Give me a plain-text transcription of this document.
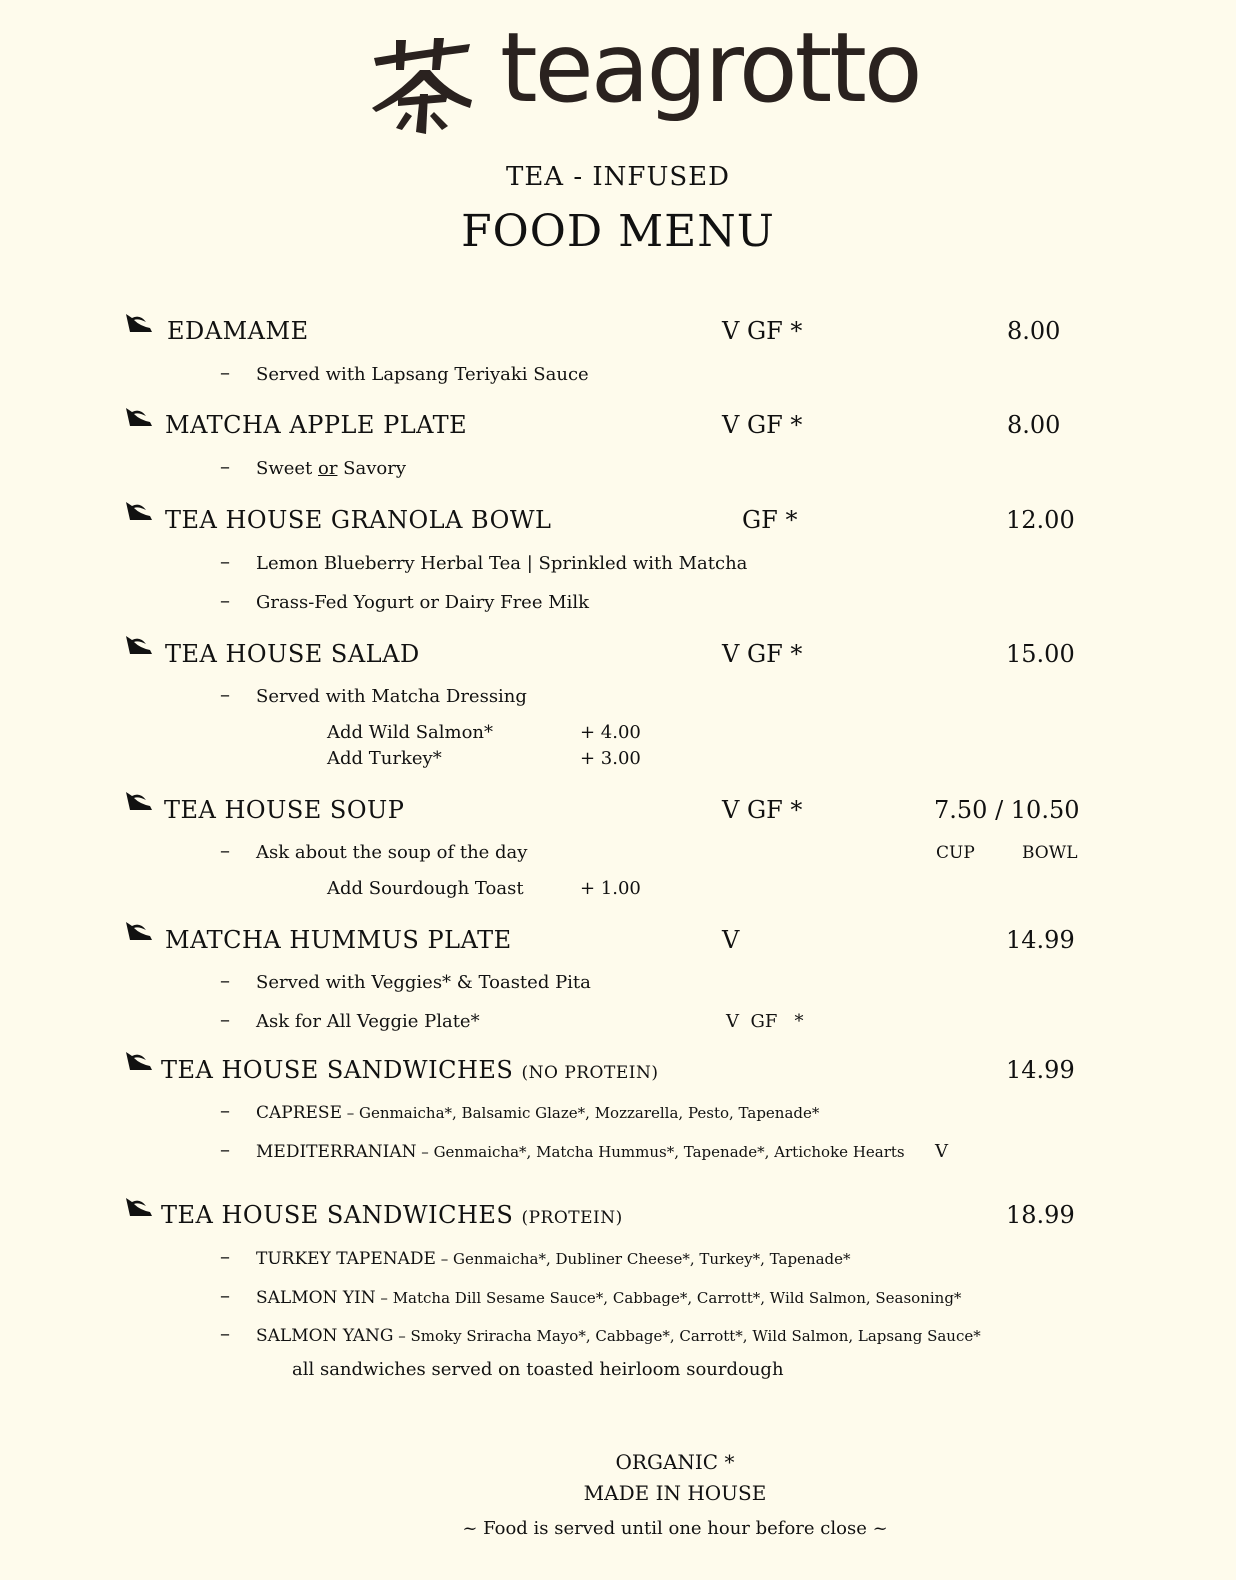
teagrotto
TEA - INFUSED
FOOD MENU
EDAMAME	V GF *	8.00
– Served with Lapsang Teriyaki Sauce
MATCHA APPLE PLATE	V GF *	8.00
– Sweet or Savory
TEA HOUSE GRANOLA BOWL	GF *	12.00
– Lemon Blueberry Herbal Tea | Sprinkled with Matcha
– Grass-Fed Yogurt or Dairy Free Milk
TEA HOUSE SALAD	V GF *	15.00
– Served with Matcha Dressing
Add Wild Salmon*	+ 4.00
Add Turkey*	+ 3.00
TEA HOUSE SOUP	V GF *	7.50 / 10.50
CUP	BOWL
– Ask about the soup of the day
Add Sourdough Toast	+ 1.00
MATCHA HUMMUS PLATE	V	14.99
– Served with Veggies* & Toasted Pita
– Ask for All Veggie Plate*	V  GF   *
TEA HOUSE SANDWICHES (NO PROTEIN)	14.99
– CAPRESE – Genmaicha*, Balsamic Glaze*, Mozzarella, Pesto, Tapenade*
– MEDITERRANIAN – Genmaicha*, Matcha Hummus*, Tapenade*, Artichoke Hearts V
TEA HOUSE SANDWICHES (PROTEIN)	18.99
– TURKEY TAPENADE – Genmaicha*, Dubliner Cheese*, Turkey*, Tapenade*
– SALMON YIN – Matcha Dill Sesame Sauce*, Cabbage*, Carrott*, Wild Salmon, Seasoning*
– SALMON YANG – Smoky Sriracha Mayo*, Cabbage*, Carrott*, Wild Salmon, Lapsang Sauce*
all sandwiches served on toasted heirloom sourdough
ORGANIC *
MADE IN HOUSE
~ Food is served until one hour before close ~
